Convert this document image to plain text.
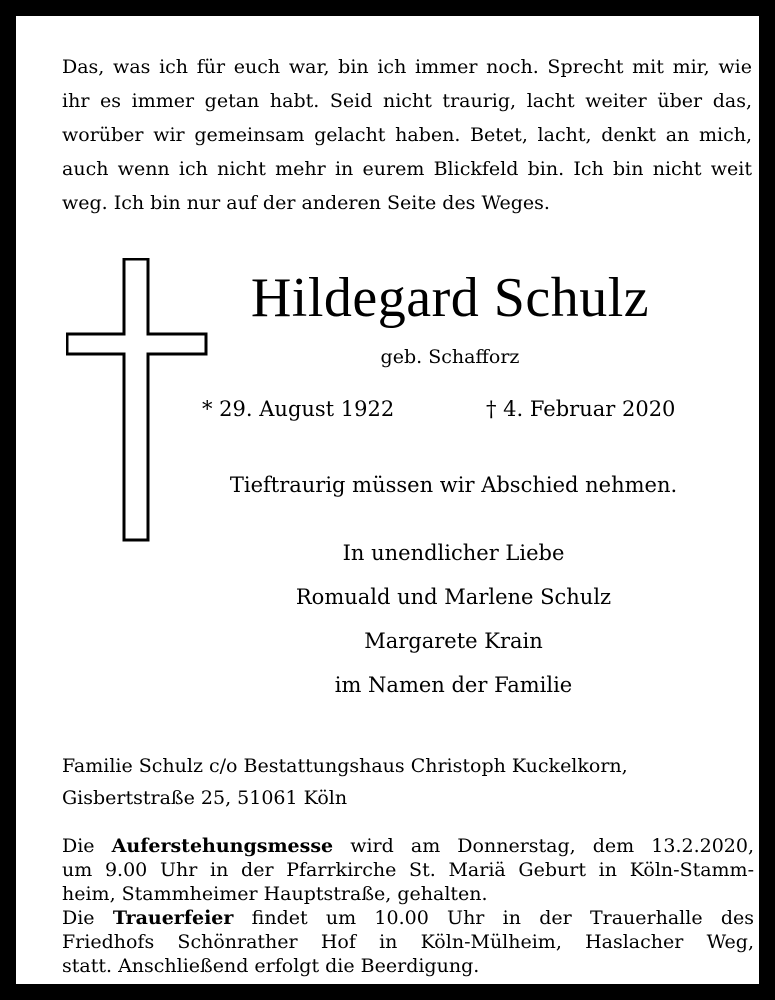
Das, was ich für euch war, bin ich immer noch. Sprecht mit mir, wie
ihr es immer getan habt. Seid nicht traurig, lacht weiter über das,
worüber wir gemeinsam gelacht haben. Betet, lacht, denkt an mich,
auch wenn ich nicht mehr in eurem Blickfeld bin. Ich bin nicht weit
weg. Ich bin nur auf der anderen Seite des Weges.
Hildegard Schulz
geb. Schafforz
* 29. August 1922	† 4. Februar 2020
Tieftraurig müssen wir Abschied nehmen.
In unendlicher Liebe
Romuald und Marlene Schulz
Margarete Krain
im Namen der Familie
Familie Schulz c/o Bestattungshaus Christoph Kuckelkorn,
Gisbertstraße 25, 51061 Köln
Die Auferstehungsmesse wird am Donnerstag, dem 13.2.2020,
um 9.00 Uhr in der Pfarrkirche St. Mariä Geburt in Köln-Stamm-
heim, Stammheimer Hauptstraße, gehalten.
Die Trauerfeier findet um 10.00 Uhr in der Trauerhalle des
Friedhofs Schönrather Hof in Köln-Mülheim, Haslacher Weg,
statt. Anschließend erfolgt die Beerdigung.
